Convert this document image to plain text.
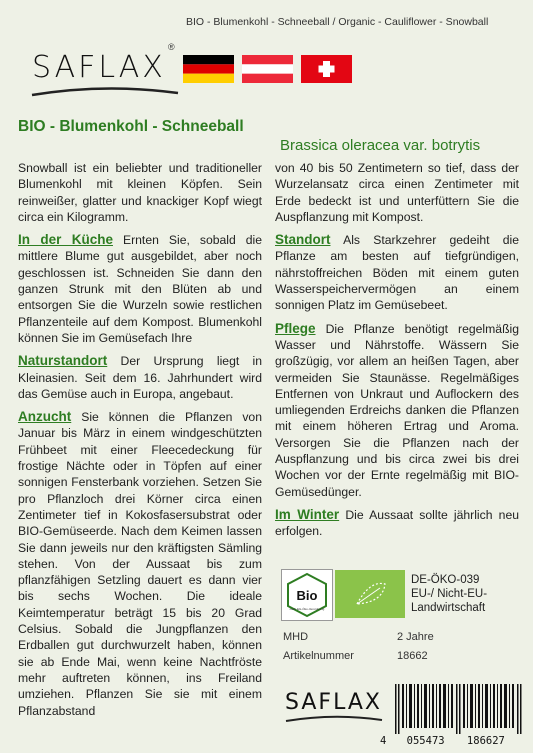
SAFLAX
®
BIO - Blumenkohl - Schneeball / Organic - Cauliflower - Snowball
BIO - Blumenkohl - Schneeball
Brassica oleracea var. botrytis

Snowball ist ein beliebter und traditioneller Blumenkohl mit kleinen Köpfen. Sein reinweißer, glatter und knackiger Kopf wiegt circa ein Kilogramm.

In der Küche Ernten Sie, sobald die mittlere Blume gut ausgebildet, aber noch geschlossen ist. Schneiden Sie dann den ganzen Strunk mit den Blüten ab und entsorgen Sie die Wurzeln sowie restlichen Pflanzenteile auf dem Kompost. Blumenkohl können Sie im Gemüsefach Ihre

Naturstandort Der Ursprung liegt in Kleinasien. Seit dem 16. Jahrhundert wird das Gemüse auch in Europa, angebaut.

Anzucht Sie können die Pflanzen von Januar bis März in einem windgeschützten Frühbeet mit einer Fleecedeckung für frostige Nächte oder in Töpfen auf einer sonnigen Fensterbank vorziehen. Setzen Sie pro Pflanzloch drei Körner circa einen Zentimeter tief in Kokosfasersubstrat oder BIO-Gemüseerde. Nach dem Keimen lassen Sie dann jeweils nur den kräftigsten Sämling stehen. Von der Aussaat bis zum pflanzfähigen Setzling dauert es dann vier bis sechs Wochen. Die ideale Keimtemperatur beträgt 15 bis 20 Grad Celsius. Sobald die Jungpflanzen den Erdballen gut durchwurzelt haben, können sie ab Ende Mai, wenn keine Nachtfröste mehr auftreten können, ins Freiland umziehen. Pflanzen Sie sie mit einem Pflanzabstand

von 40 bis 50 Zentimetern so tief, dass der Wurzelansatz circa einen Zentimeter mit Erde bedeckt ist und unterfüttern Sie die Auspflanzung mit Kompost.

Standort Als Starkzehrer gedeiht die Pflanze am besten auf tiefgründigen, nährstoffreichen Böden mit einem guten Wasserspeichervermögen an einem sonnigen Platz im Gemüsebeet.

Pflege Die Pflanze benötigt regelmäßig Wasser und Nährstoffe. Wässern Sie großzügig, vor allem an heißen Tagen, aber vermeiden Sie Staunässe. Regelmäßiges Entfernen von Unkraut und Auflockern des umliegenden Erdreichs danken die Pflanzen mit einem höheren Ertrag und Aroma. Versorgen Sie die Pflanzen nach der Auspflanzung und bis circa zwei bis drei Wochen vor der Ernte regelmäßig mit BIO-Gemüsedünger.

Im Winter Die Aussaat sollte jährlich neu erfolgen.

Bio
nach EG-Öko-Verordnung
DE-ÖKO-039
EU-/ Nicht-EU-
Landwirtschaft
MHD	2 Jahre
Artikelnummer	18662
SAFLAX
4 055473 186627
